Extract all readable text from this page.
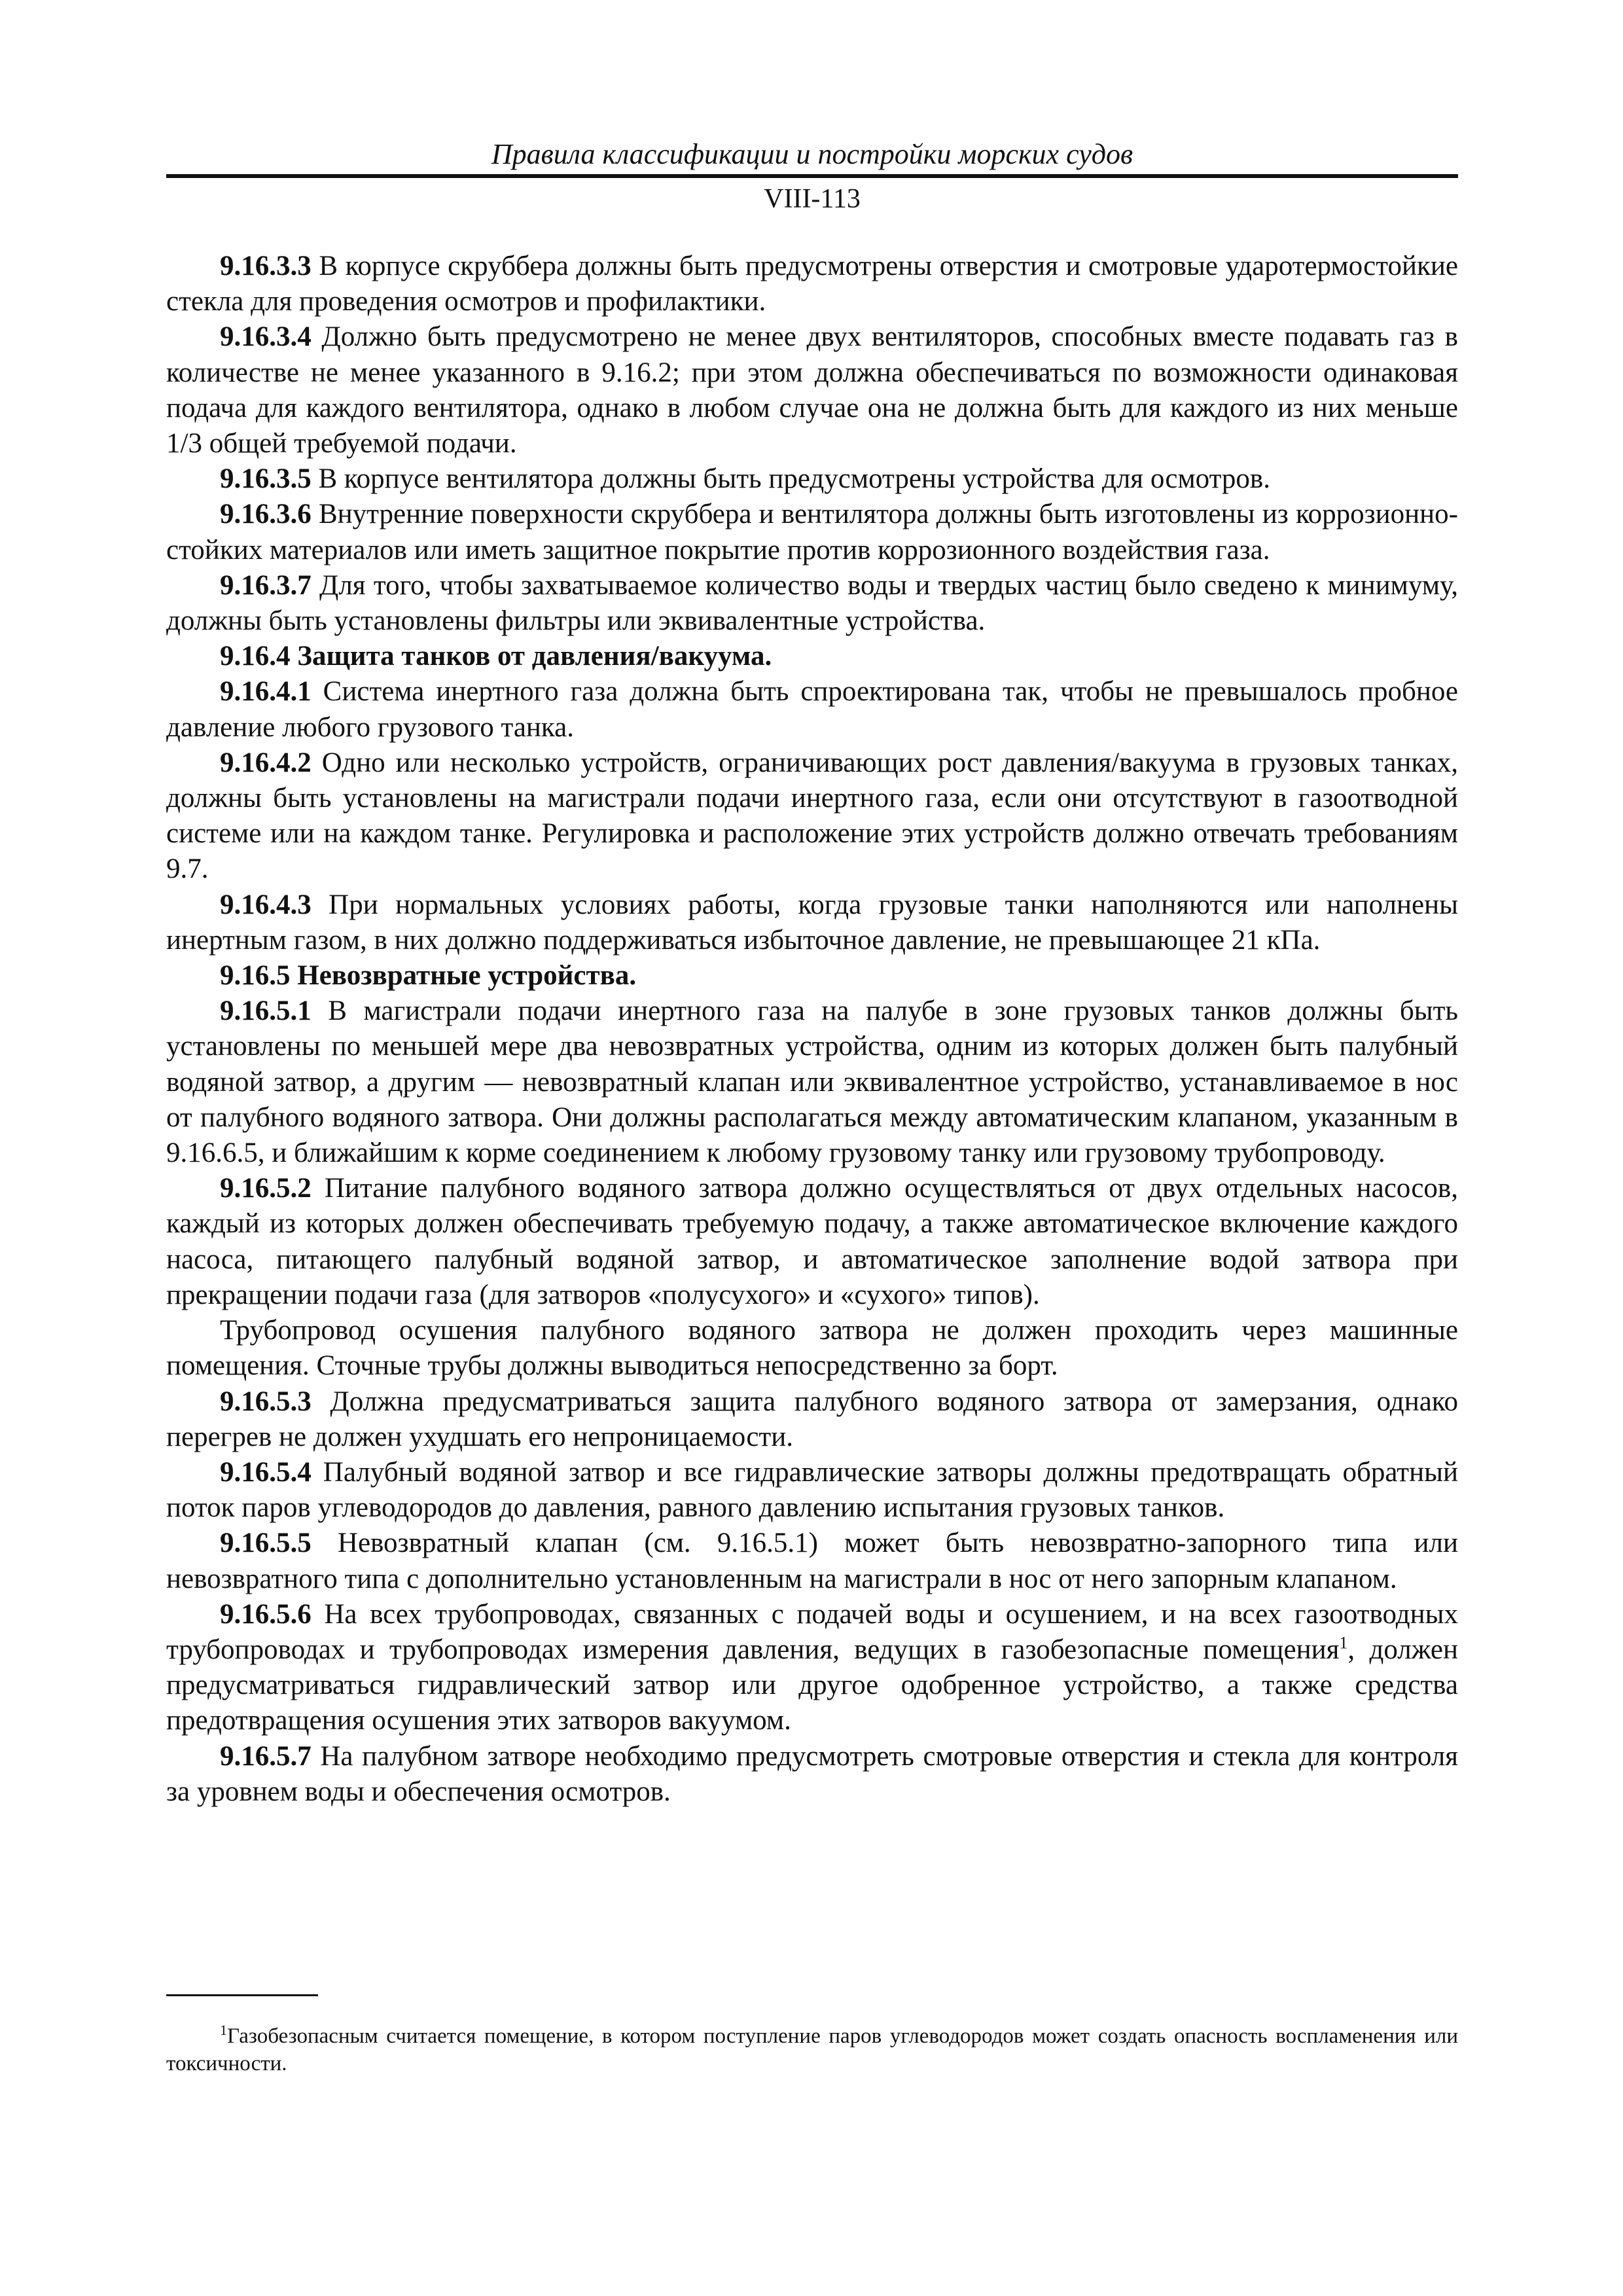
Правила классификации и постройки морских судов
VIII-113

9.16.3.3 В корпусе скруббера должны быть предусмотрены отверстия и смотровые ударотермостойкие стекла для проведения осмотров и профилактики.

9.16.3.4 Должно быть предусмотрено не менее двух вентиляторов, способных вместе подавать газ в количестве не менее указанного в 9.16.2; при этом должна обеспечиваться по возможности одинаковая подача для каждого вентилятора, однако в любом случае она не должна быть для каждого из них меньше 1/3 общей требуемой подачи.

9.16.3.5 В корпусе вентилятора должны быть предусмотрены устройства для осмотров.

9.16.3.6 Внутренние поверхности скруббера и вентилятора должны быть изготовлены из коррозионно-стойких материалов или иметь защитное покрытие против коррозионного воздействия газа.

9.16.3.7 Для того, чтобы захватываемое количество воды и твердых частиц было сведено к минимуму, должны быть установлены фильтры или эквивалентные устройства.

9.16.4 Защита танков от давления/вакуума.

9.16.4.1 Система инертного газа должна быть спроектирована так, чтобы не превышалось пробное давление любого грузового танка.

9.16.4.2 Одно или несколько устройств, ограничивающих рост давления/вакуума в грузовых танках, должны быть установлены на магистрали подачи инертного газа, если они отсутствуют в газоотводной системе или на каждом танке. Регулировка и расположение этих устройств должно отвечать требованиям 9.7.

9.16.4.3 При нормальных условиях работы, когда грузовые танки наполняются или наполнены инертным газом, в них должно поддерживаться избыточное давление, не превышающее 21 кПа.

9.16.5 Невозвратные устройства.

9.16.5.1 В магистрали подачи инертного газа на палубе в зоне грузовых танков должны быть установлены по меньшей мере два невозвратных устройства, одним из которых должен быть палубный водяной затвор, а другим — невозвратный клапан или эквивалентное устройство, устанавливаемое в нос от палубного водяного затвора. Они должны располагаться между автоматическим клапаном, указанным в 9.16.6.5, и ближайшим к корме соединением к любому грузовому танку или грузовому трубопроводу.

9.16.5.2 Питание палубного водяного затвора должно осуществляться от двух отдельных насосов, каждый из которых должен обеспечивать требуемую подачу, а также автоматическое включение каждого насоса, питающего палубный водяной затвор, и автоматическое заполнение водой затвора при прекращении подачи газа (для затворов «полусухого» и «сухого» типов).

Трубопровод осушения палубного водяного затвора не должен проходить через машинные помещения. Сточные трубы должны выводиться непосредственно за борт.

9.16.5.3 Должна предусматриваться защита палубного водяного затвора от замерзания, однако перегрев не должен ухудшать его непроницаемости.

9.16.5.4 Палубный водяной затвор и все гидравлические затворы должны предотвращать обратный поток паров углеводородов до давления, равного давлению испытания грузовых танков.

9.16.5.5 Невозвратный клапан (см. 9.16.5.1) может быть невозвратно-запорного типа или невозвратного типа с дополнительно установленным на магистрали в нос от него запорным клапаном.

9.16.5.6 На всех трубопроводах, связанных с подачей воды и осушением, и на всех газоотводных трубопроводах и трубопроводах измерения давления, ведущих в газобезопасные помещения$^1$, должен предусматриваться гидравлический затвор или другое одобренное устройство, а также средства предотвращения осушения этих затворов вакуумом.

9.16.5.7 На палубном затворе необходимо предусмотреть смотровые отверстия и стекла для контроля за уровнем воды и обеспечения осмотров.

$^1$Газобезопасным считается помещение, в котором поступление паров углеводородов может создать опасность воспламенения или токсичности.
